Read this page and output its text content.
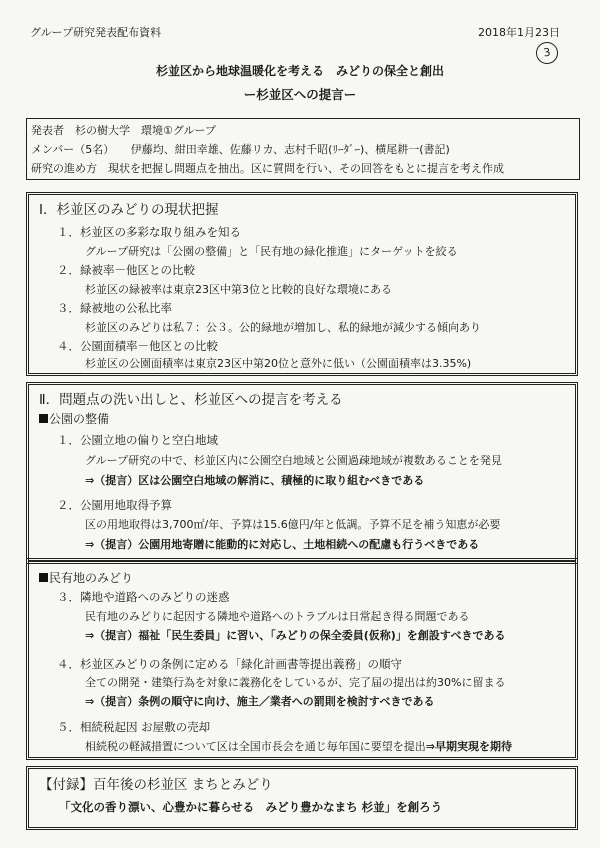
グループ研究発表配布資料	2018年1月23日
3
杉並区から地球温暖化を考える　みどりの保全と創出
ー杉並区への提言ー
発表者　杉の樹大学　環境①グループ
メンバー（5名）　　伊藤均、紺田幸雄、佐藤リカ、志村千昭(ﾘｰﾀﾞｰ)、横尾耕一(書記)
研究の進め方　現状を把握し問題点を抽出。区に質問を行い、その回答をもとに提言を考え作成
Ⅰ．杉並区のみどりの現状把握
１．杉並区の多彩な取り組みを知る
グループ研究は「公園の整備」と「民有地の緑化推進」にターゲットを絞る
２．緑被率－他区との比較
杉並区の緑被率は東京23区中第3位と比較的良好な環境にある
３．緑被地の公私比率
杉並区のみどりは私７：公３。公的緑地が増加し、私的緑地が減少する傾向あり
４．公園面積率－他区との比較
杉並区の公園面積率は東京23区中第20位と意外に低い（公園面積率は3.35%)
Ⅱ．問題点の洗い出しと、杉並区への提言を考える
公園の整備
１．公園立地の偏りと空白地域
グループ研究の中で、杉並区内に公園空白地域と公園過疎地域が複数あることを発見
⇒（提言）区は公園空白地域の解消に、積極的に取り組むべきである
２．公園用地取得予算
区の用地取得は3,700㎡/年、予算は15.6億円/年と低調。予算不足を補う知恵が必要
⇒（提言）公園用地寄贈に能動的に対応し、土地相続への配慮も行うべきである
民有地のみどり
３．隣地や道路へのみどりの迷惑
民有地のみどりに起因する隣地や道路へのトラブルは日常起き得る問題である
⇒（提言）福祉「民生委員」に習い、「みどりの保全委員(仮称)」を創設すべきである
４．杉並区みどりの条例に定める「緑化計画書等提出義務」の順守
全ての開発・建築行為を対象に義務化をしているが、完了届の提出は約30%に留まる
⇒（提言）条例の順守に向け、施主／業者への罰則を検討すべきである
５．相続税起因 お屋敷の売却
相続税の軽減措置について区は全国市長会を通じ毎年国に要望を提出⇒早期実現を期待
【付録】百年後の杉並区 まちとみどり
「文化の香り漂い、心豊かに暮らせる　みどり豊かなまち 杉並」を創ろう
